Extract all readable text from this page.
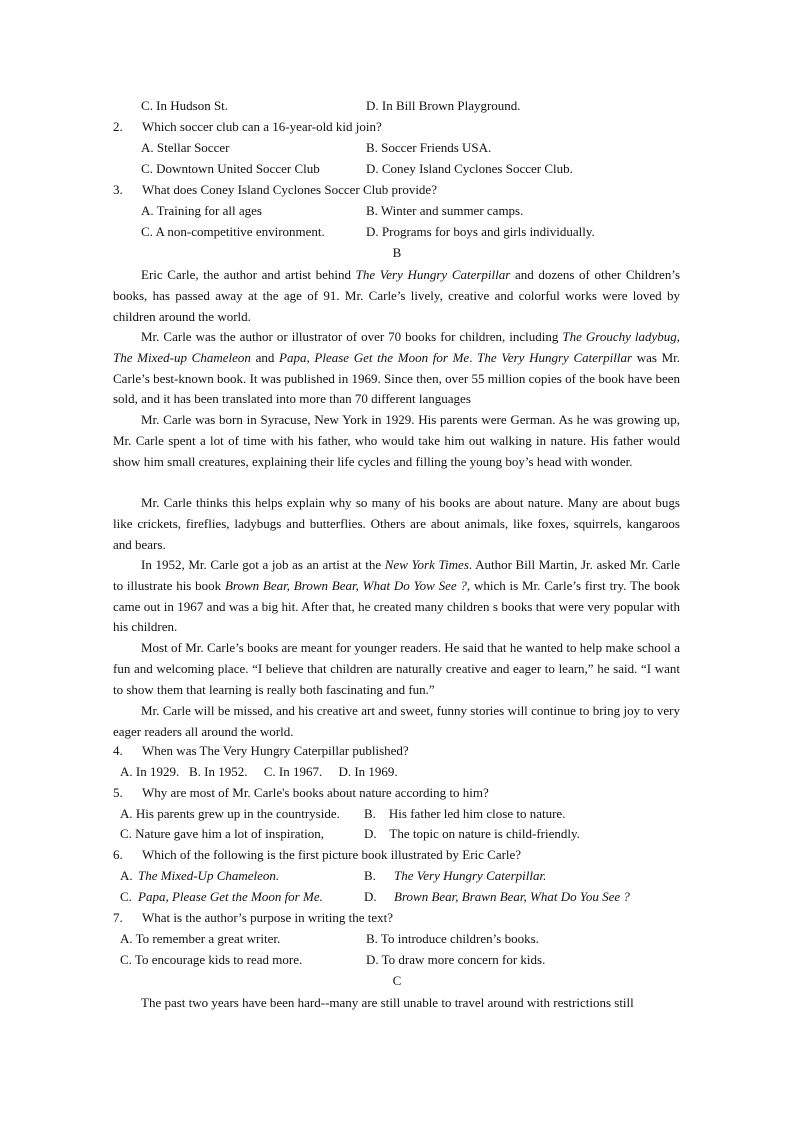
C. In Hudson St.	D. In Bill Brown Playground.
2.      Which soccer club can a 16-year-old kid join?
A. Stellar Soccer	B. Soccer Friends USA.
C. Downtown United Soccer Club	D. Coney Island Cyclones Soccer Club.
3.      What does Coney Island Cyclones Soccer Club provide?
A. Training for all ages	B. Winter and summer camps.
C. A non-competitive environment.	D. Programs for boys and girls individually.
B

Eric Carle, the author and artist behind The Very Hungry Caterpillar and dozens of other Children’s books, has passed away at the age of 91. Mr. Carle’s lively, creative and colorful works were loved by children around the world.

Mr. Carle was the author or illustrator of over 70 books for children, including The Grouchy ladybug, The Mixed-up Chameleon and Papa, Please Get the Moon for Me. The Very Hungry Caterpillar was Mr. Carle’s best-known book. It was published in 1969. Since then, over 55 million copies of the book have been sold, and it has been translated into more than 70 different languages

Mr. Carle was born in Syracuse, New York in 1929. His parents were German. As he was growing up, Mr. Carle spent a lot of time with his father, who would take him out walking in nature. His father would show him small creatures, explaining their life cycles and filling the young boy’s head with wonder.

Mr. Carle thinks this helps explain why so many of his books are about nature. Many are about bugs like crickets, fireflies, ladybugs and butterflies. Others are about animals, like foxes, squirrels, kangaroos and bears.

In 1952, Mr. Carle got a job as an artist at the New York Times. Author Bill Martin, Jr. asked Mr. Carle to illustrate his book Brown Bear, Brown Bear, What Do Yow See ?, which is Mr. Carle’s first try. The book came out in 1967 and was a big hit. After that, he created many children s books that were very popular with his children.

Most of Mr. Carle’s books are meant for younger readers. He said that he wanted to help make school a fun and welcoming place. “I believe that children are naturally creative and eager to learn,” he said. “I want to show them that learning is really both fascinating and fun.”

Mr. Carle will be missed, and his creative art and sweet, funny stories will continue to bring joy to very eager readers all around the world.

4.      When was The Very Hungry Caterpillar published?
A. In 1929.   B. In 1952.     C. In 1967.     D. In 1969.
5.      Why are most of Mr. Carle's books about nature according to him?
A. His parents grew up in the countryside. B.    His father led him close to nature.
C. Nature gave him a lot of inspiration,	D.    The topic on nature is child-friendly.
6.      Which of the following is the first picture book illustrated by Eric Carle?
A. The Mixed-Up Chameleon.	B. The Very Hungry Caterpillar.
C. Papa, Please Get the Moon for Me.	D. Brown Bear, Brawn Bear, What Do You See ?
7.      What is the author’s purpose in writing the text?
A. To remember a great writer.	B. To introduce children’s books.
C. To encourage kids to read more.	D. To draw more concern for kids.
C

The past two years have been hard--many are still unable to travel around with restrictions still
